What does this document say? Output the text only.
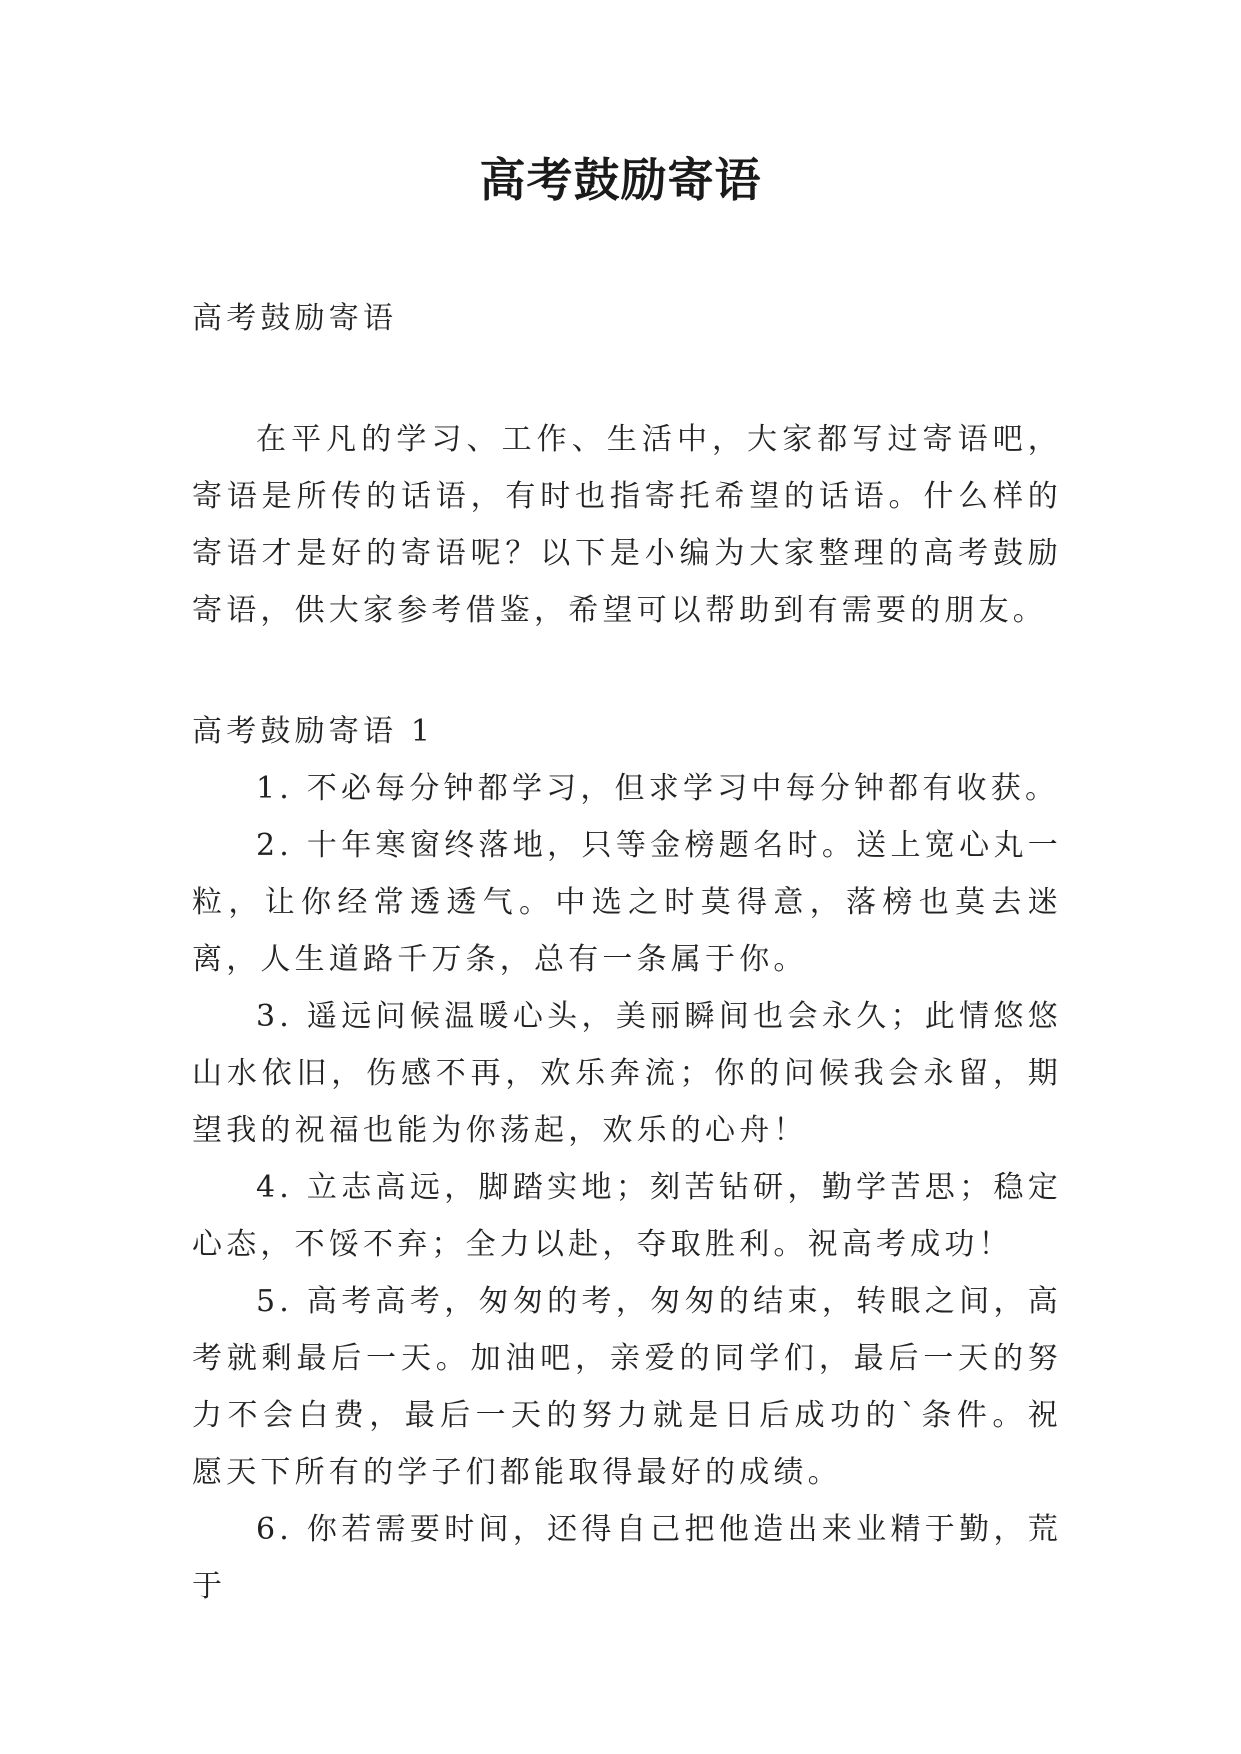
高考鼓励寄语

高考鼓励寄语

在平凡的学习、工作、生活中，大家都写过寄语吧，寄语是所传的话语，有时也指寄托希望的话语。什么样的寄语才是好的寄语呢？以下是小编为大家整理的高考鼓励寄语，供大家参考借鉴，希望可以帮助到有需要的朋友。

高考鼓励寄语 1

1. 不必每分钟都学习，但求学习中每分钟都有收获。

2. 十年寒窗终落地，只等金榜题名时。送上宽心丸一粒，让你经常透透气。中选之时莫得意，落榜也莫去迷离，人生道路千万条，总有一条属于你。

3. 遥远问候温暖心头，美丽瞬间也会永久；此情悠悠山水依旧，伤感不再，欢乐奔流；你的问候我会永留，期望我的祝福也能为你荡起，欢乐的心舟！

4. 立志高远，脚踏实地；刻苦钻研，勤学苦思；稳定心态，不馁不弃；全力以赴，夺取胜利。祝高考成功！

5. 高考高考，匆匆的考，匆匆的结束，转眼之间，高考就剩最后一天。加油吧，亲爱的同学们，最后一天的努力不会白费，最后一天的努力就是日后成功的`条件。祝愿天下所有的学子们都能取得最好的成绩。

6. 你若需要时间，还得自己把他造出来业精于勤，荒于
